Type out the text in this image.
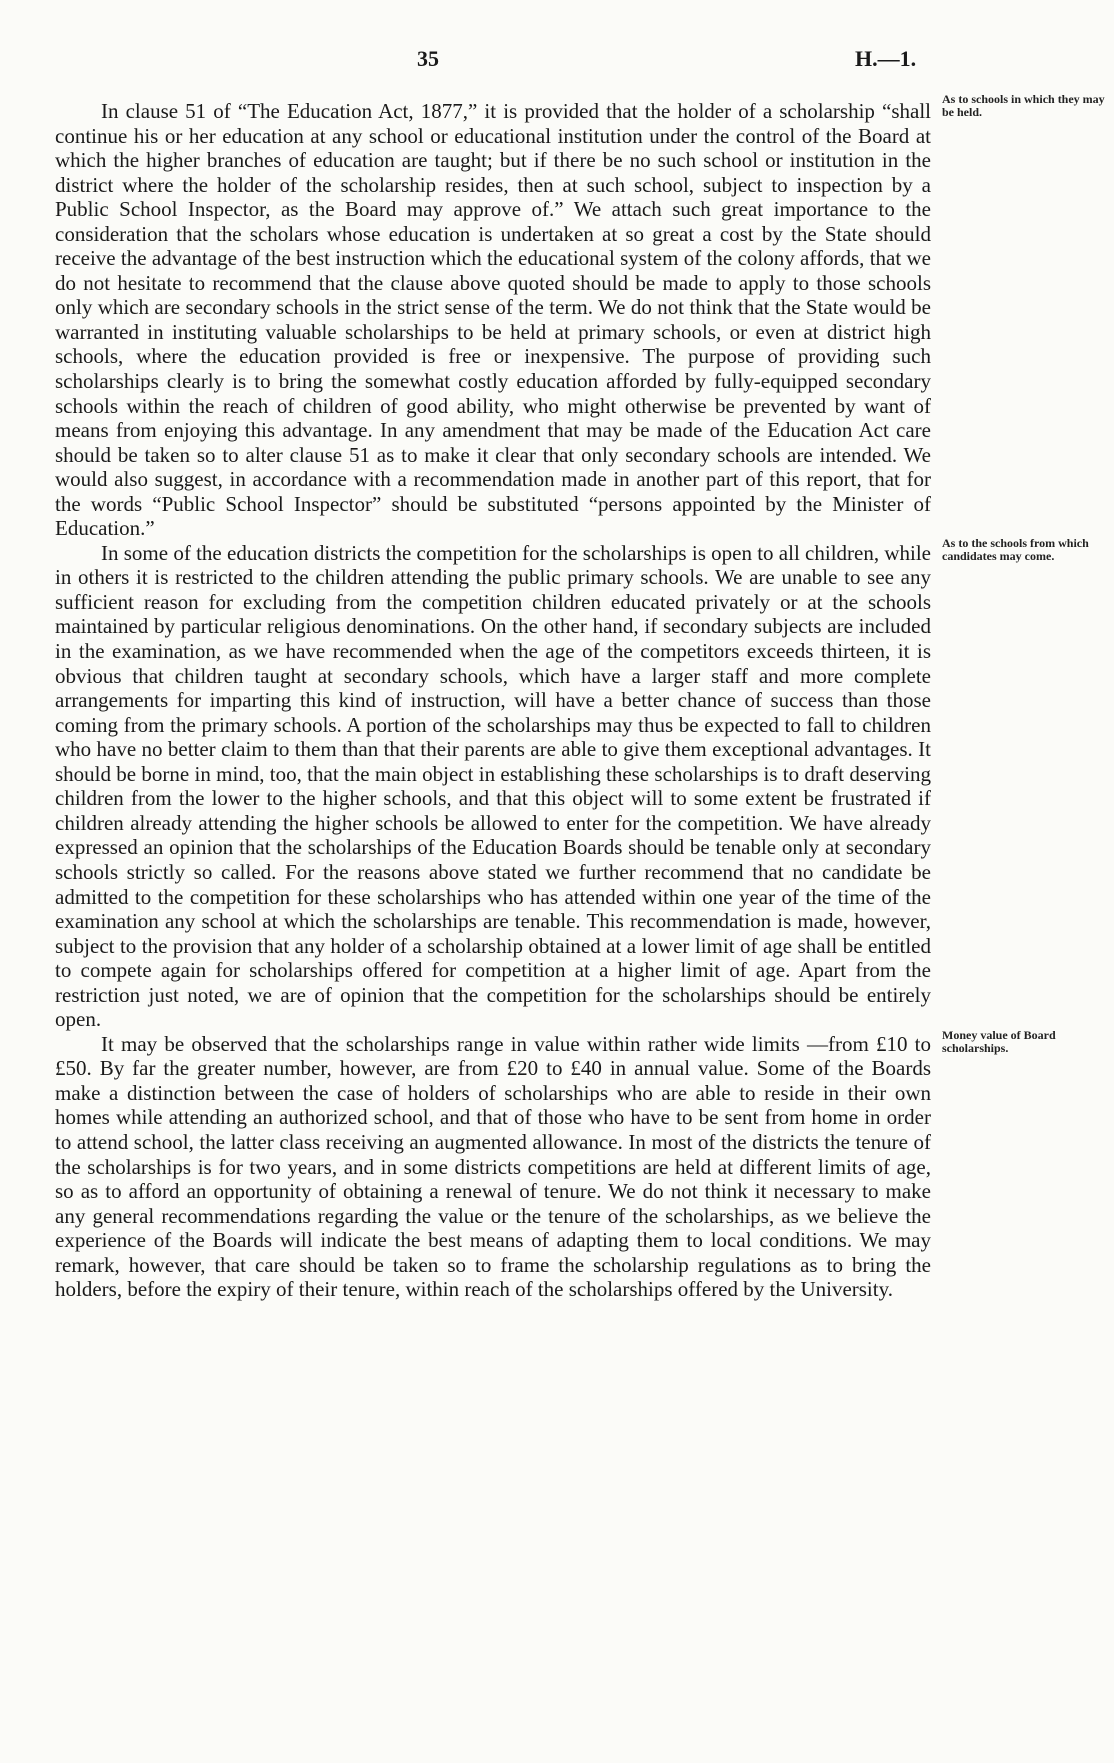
35	H.—1.

In clause 51 of “The Education Act, 1877,” it is provided that the holder of a scholarship “shall continue his or her education at any school or educational institution under the control of the Board at which the higher branches of education are taught; but if there be no such school or institution in the district where the holder of the scholarship resides, then at such school, subject to inspection by a Public School Inspector, as the Board may approve of.” We attach such great importance to the consideration that the scholars whose education is undertaken at so great a cost by the State should receive the advantage of the best instruction which the educational system of the colony affords, that we do not hesitate to recommend that the clause above quoted should be made to apply to those schools only which are secondary schools in the strict sense of the term. We do not think that the State would be warranted in instituting valuable scholarships to be held at primary schools, or even at district high schools, where the education provided is free or inexpensive. The purpose of providing such scholarships clearly is to bring the somewhat costly education afforded by fully-equipped secondary schools within the reach of children of good ability, who might otherwise be prevented by want of means from enjoying this advantage. In any amendment that may be made of the Education Act care should be taken so to alter clause 51 as to make it clear that only secondary schools are intended. We would also suggest, in accordance with a recommendation made in another part of this report, that for the words “Public School Inspector” should be substituted “persons appointed by the Minister of Education.”
As to schools in which they may be held.

In some of the education districts the competition for the scholarships is open to all children, while in others it is restricted to the children attending the public primary schools. We are unable to see any sufficient reason for excluding from the competition children educated privately or at the schools maintained by particular religious denominations. On the other hand, if secondary subjects are included in the examination, as we have recommended when the age of the competitors exceeds thirteen, it is obvious that children taught at secondary schools, which have a larger staff and more complete arrangements for imparting this kind of instruction, will have a better chance of success than those coming from the primary schools. A portion of the scholarships may thus be expected to fall to children who have no better claim to them than that their parents are able to give them exceptional advantages. It should be borne in mind, too, that the main object in establishing these scholarships is to draft deserving children from the lower to the higher schools, and that this object will to some extent be frustrated if children already attending the higher schools be allowed to enter for the competition. We have already expressed an opinion that the scholarships of the Education Boards should be tenable only at secondary schools strictly so called. For the reasons above stated we further recommend that no candidate be admitted to the competition for these scholarships who has attended within one year of the time of the examination any school at which the scholarships are tenable. This recommendation is made, however, subject to the provision that any holder of a scholarship obtained at a lower limit of age shall be entitled to compete again for scholarships offered for competition at a higher limit of age. Apart from the restriction just noted, we are of opinion that the competition for the scholarships should be entirely open.
As to the schools from which candidates may come.

It may be observed that the scholarships range in value within rather wide limits —from £10 to £50. By far the greater number, however, are from £20 to £40 in annual value. Some of the Boards make a distinction between the case of holders of scholarships who are able to reside in their own homes while attending an authorized school, and that of those who have to be sent from home in order to attend school, the latter class receiving an augmented allowance. In most of the districts the tenure of the scholarships is for two years, and in some districts competitions are held at different limits of age, so as to afford an opportunity of obtaining a renewal of tenure. We do not think it necessary to make any general recommendations regarding the value or the tenure of the scholarships, as we believe the experience of the Boards will indicate the best means of adapting them to local conditions. We may remark, however, that care should be taken so to frame the scholarship regulations as to bring the holders, before the expiry of their tenure, within reach of the scholarships offered by the University.
Money value of Board scholarships.
